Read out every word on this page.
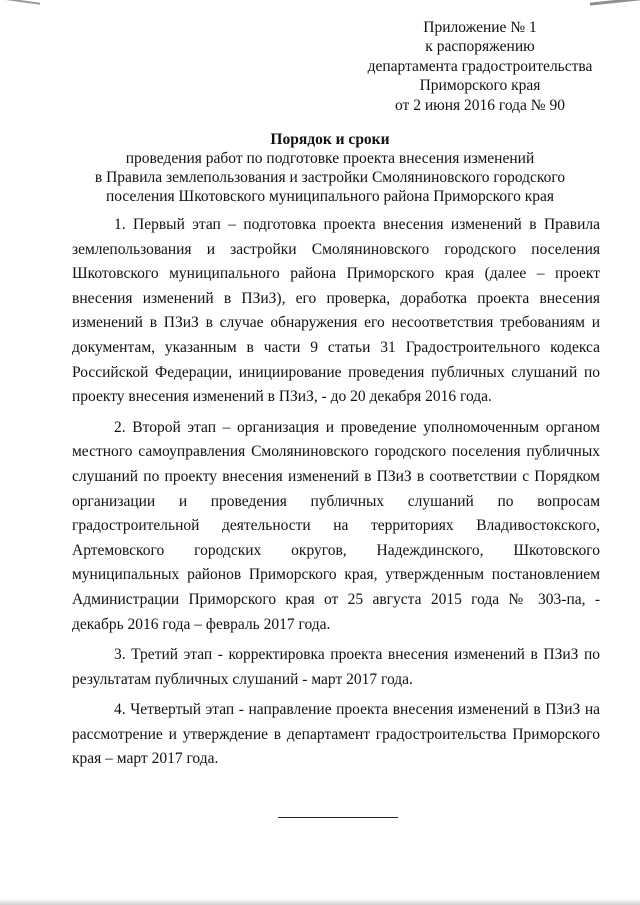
Приложение № 1
к распоряжению
департамента градостроительства
Приморского края
от 2 июня 2016 года № 90
Порядок и сроки
проведения работ по подготовке проекта внесения изменений
в Правила землепользования и застройки Смоляниновского городского
поселения Шкотовского муниципального района Приморского края
1. Первый этап – подготовка проекта внесения изменений в Правила
землепользования и застройки Смоляниновского городского поселения
Шкотовского муниципального района Приморского края (далее – проект
внесения изменений в ПЗиЗ), его проверка, доработка проекта внесения
изменений в ПЗиЗ в случае обнаружения его несоответствия требованиям и
документам, указанным в части 9 статьи 31 Градостроительного кодекса
Российской Федерации, инициирование проведения публичных слушаний по
проекту внесения изменений в ПЗиЗ, - до 20 декабря 2016 года.
2. Второй этап – организация и проведение уполномоченным органом
местного самоуправления Смоляниновского городского поселения публичных
слушаний по проекту внесения изменений в ПЗиЗ в соответствии с Порядком
организации и проведения публичных слушаний по вопросам
градостроительной деятельности на территориях Владивостокского,
Артемовского городских округов, Надеждинского, Шкотовского
муниципальных районов Приморского края, утвержденным постановлением
Администрации Приморского края от 25 августа 2015 года № 303-па, -
декабрь 2016 года – февраль 2017 года.
3. Третий этап - корректировка проекта внесения изменений в ПЗиЗ по
результатам публичных слушаний - март 2017 года.
4. Четвертый этап - направление проекта внесения изменений в ПЗиЗ на
рассмотрение и утверждение в департамент градостроительства Приморского
края – март 2017 года.
